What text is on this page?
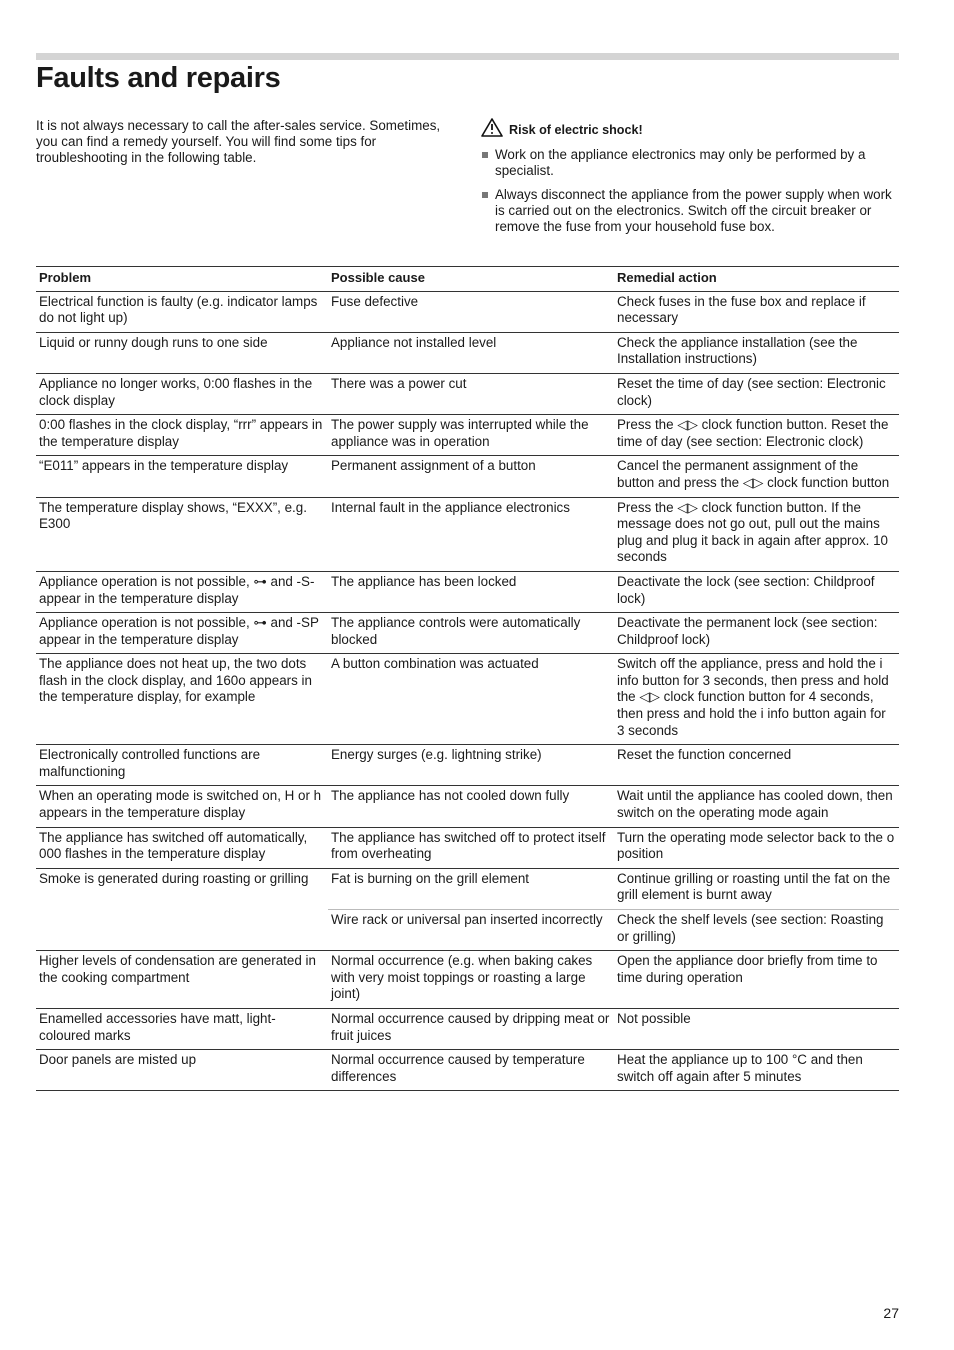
Faults and repairs

It is not always necessary to call the after-sales service. Sometimes, you can find a remedy yourself. You will find some tips for troubleshooting in the following table.

Risk of electric shock!
Work on the appliance electronics may only be performed by a specialist.
Always disconnect the appliance from the power supply when work is carried out on the electronics. Switch off the circuit breaker or remove the fuse from your household fuse box.
Problem	Possible cause	Remedial action
Electrical function is faulty (e.g. indicator lamps do not light up)	Fuse defective	Check fuses in the fuse box and replace if necessary
Liquid or runny dough runs to one side	Appliance not installed level	Check the appliance installation (see the Installation instructions)
Appliance no longer works, 0:00 flashes in the clock display	There was a power cut	Reset the time of day (see section: Electronic clock)
0:00 flashes in the clock display, “rrr” appears in the temperature display	The power supply was interrupted while the appliance was in operation	Press the ◁▷ clock function button. Reset the time of day (see section: Electronic clock)
“E011” appears in the temperature display	Permanent assignment of a button	Cancel the permanent assignment of the button and press the ◁▷ clock function button
The temperature display shows, “EXXX”, e.g. E300	Internal fault in the appliance electronics	Press the ◁▷ clock function button. If the message does not go out, pull out the mains plug and plug it back in again after approx. 10 seconds
Appliance operation is not possible, ⊶ and -S- appear in the temperature display	The appliance has been locked	Deactivate the lock (see section: Childproof lock)
Appliance operation is not possible, ⊶ and -SP appear in the temperature display	The appliance controls were automatically blocked	Deactivate the permanent lock (see section: Childproof lock)
The appliance does not heat up, the two dots flash in the clock display, and 160o appears in the temperature display, for example	A button combination was actuated	Switch off the appliance, press and hold the i info button for 3 seconds, then press and hold the ◁▷ clock function button for 4 seconds, then press and hold the i info button again for 3 seconds
Electronically controlled functions are malfunctioning	Energy surges (e.g. lightning strike)	Reset the function concerned
When an operating mode is switched on, H or h appears in the temperature display	The appliance has not cooled down fully	Wait until the appliance has cooled down, then switch on the operating mode again
The appliance has switched off automatically, 000 flashes in the temperature display	The appliance has switched off to protect itself from overheating	Turn the operating mode selector back to the o position
Smoke is generated during roasting or grilling	Fat is burning on the grill element	Continue grilling or roasting until the fat on the grill element is burnt away
	Wire rack or universal pan inserted incorrectly	Check the shelf levels (see section: Roasting or grilling)
Higher levels of condensation are generated in the cooking compartment	Normal occurrence (e.g. when baking cakes with very moist toppings or roasting a large joint)	Open the appliance door briefly from time to time during operation
Enamelled accessories have matt, light-coloured marks	Normal occurrence caused by dripping meat or fruit juices	Not possible
Door panels are misted up	Normal occurrence caused by temperature differences	Heat the appliance up to 100 °C and then switch off again after 5 minutes
27
